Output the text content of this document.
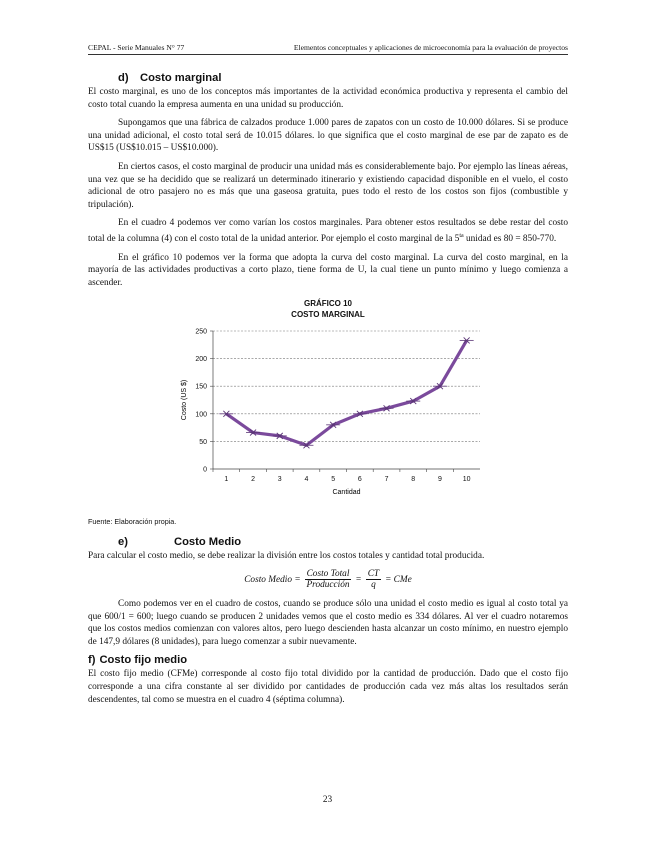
CEPAL - Serie Manuales N° 77	Elementos conceptuales y aplicaciones de microeconomía para la evaluación de proyectos
d)	Costo marginal

El costo marginal, es uno de los conceptos más importantes de la actividad económica productiva y representa el cambio del costo total cuando la empresa aumenta en una unidad su producción.

Supongamos que una fábrica de calzados produce 1.000 pares de zapatos con un costo de 10.000 dólares. Si se produce una unidad adicional, el costo total será de 10.015 dólares. lo que significa que el costo marginal de ese par de zapato es de US$15 (US$10.015 – US$10.000).

En ciertos casos, el costo marginal de producir una unidad más es considerablemente bajo. Por ejemplo las líneas aéreas, una vez que se ha decidido que se realizará un determinado itinerario y existiendo capacidad disponible en el vuelo, el costo adicional de otro pasajero no es más que una gaseosa gratuita, pues todo el resto de los costos son fijos (combustible y tripulación).

En el cuadro 4 podemos ver como varían los costos marginales. Para obtener estos resultados se debe restar del costo total de la columna (4) con el costo total de la unidad anterior. Por ejemplo el costo marginal de la $5^{ta}$ unidad es 80 = 850-770.

En el gráfico 10 podemos ver la forma que adopta la curva del costo marginal. La curva del costo marginal, en la mayoría de las actividades productivas a corto plazo, tiene forma de U, la cual tiene un punto mínimo y luego comienza a ascender.

GRÁFICO 10
COSTO MARGINAL
0
50
100
150
200
250
1	2	3	4	5	6	7	8	9	10
Cantidad
Costo (US $)
Fuente: Elaboración propia.
e)	Costo Medio

Para calcular el costo medio, se debe realizar la división entre los costos totales y cantidad total producida.

Costo Medio = $\frac{\text{Costo Total}}{\text{Producción}} = \frac{CT}{q}$ = CMe

Como podemos ver en el cuadro de costos, cuando se produce sólo una unidad el costo medio es igual al costo total ya que 600/1 = 600; luego cuando se producen 2 unidades vemos que el costo medio es 334 dólares. Al ver el cuadro notaremos que los costos medios comienzan con valores altos, pero luego descienden hasta alcanzar un costo mínimo, en nuestro ejemplo de 147,9 dólares (8 unidades), para luego comenzar a subir nuevamente.

f) Costo fijo medio

El costo fijo medio (CFMe) corresponde al costo fijo total dividido por la cantidad de producción. Dado que el costo fijo corresponde a una cifra constante al ser dividido por cantidades de producción cada vez más altas los resultados serán descendentes, tal como se muestra en el cuadro 4 (séptima columna).

23
